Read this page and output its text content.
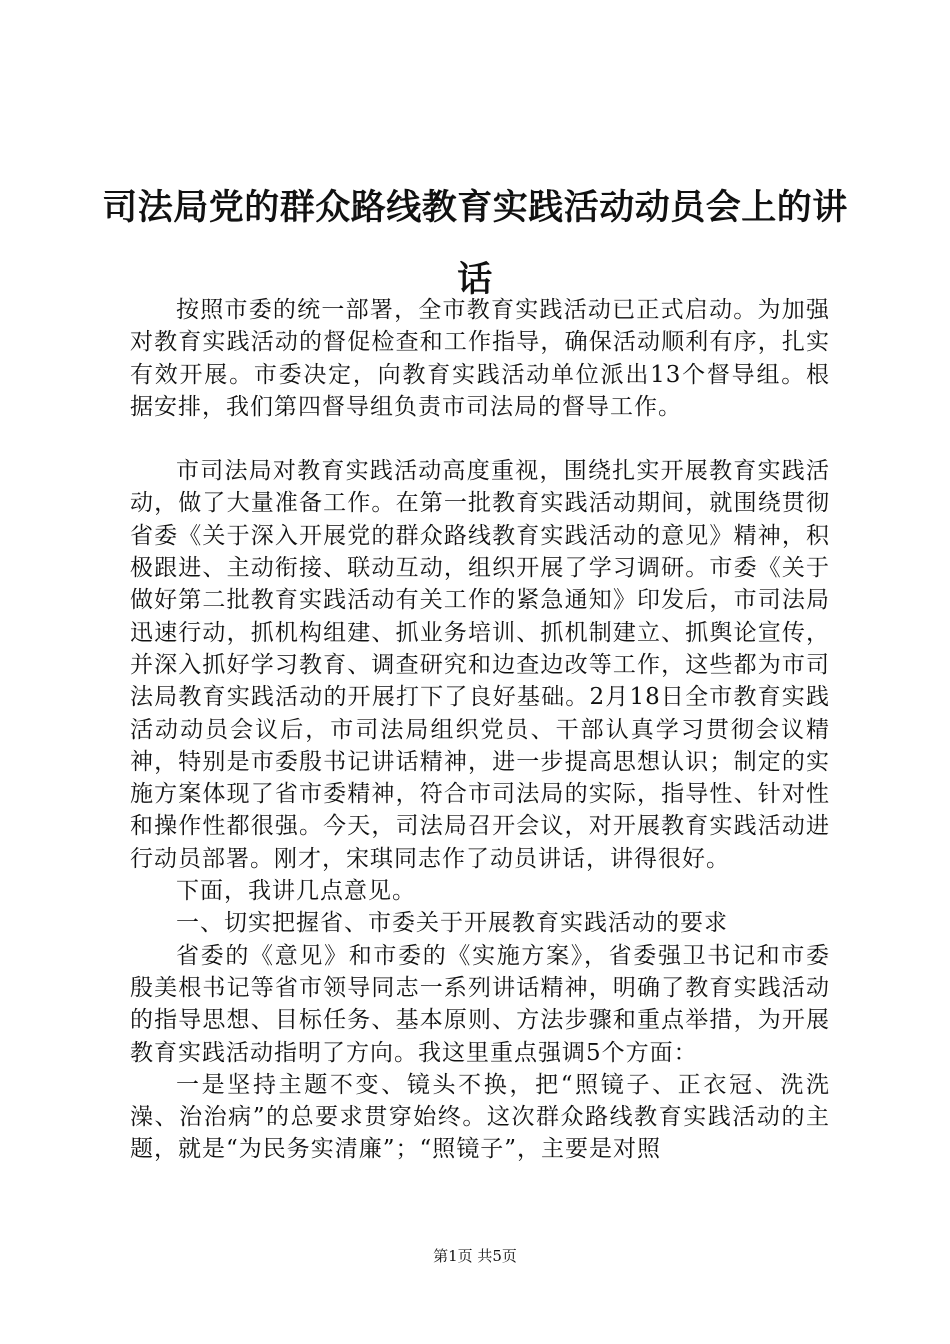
司法局党的群众路线教育实践活动动员会上的讲话

按照市委的统一部署，全市教育实践活动已正式启动。为加强对教育实践活动的督促检查和工作指导，确保活动顺利有序，扎实有效开展。市委决定，向教育实践活动单位派出13个督导组。根据安排，我们第四督导组负责市司法局的督导工作。

市司法局对教育实践活动高度重视，围绕扎实开展教育实践活动，做了大量准备工作。在第一批教育实践活动期间，就围绕贯彻省委《关于深入开展党的群众路线教育实践活动的意见》精神，积极跟进、主动衔接、联动互动，组织开展了学习调研。市委《关于做好第二批教育实践活动有关工作的紧急通知》印发后，市司法局迅速行动，抓机构组建、抓业务培训、抓机制建立、抓舆论宣传，并深入抓好学习教育、调查研究和边查边改等工作，这些都为市司法局教育实践活动的开展打下了良好基础。2月18日全市教育实践活动动员会议后，市司法局组织党员、干部认真学习贯彻会议精神，特别是市委殷书记讲话精神，进一步提高思想认识；制定的实施方案体现了省市委精神，符合市司法局的实际，指导性、针对性和操作性都很强。今天，司法局召开会议，对开展教育实践活动进行动员部署。刚才，宋琪同志作了动员讲话，讲得很好。

下面，我讲几点意见。

一、切实把握省、市委关于开展教育实践活动的要求

省委的《意见》和市委的《实施方案》，省委强卫书记和市委殷美根书记等省市领导同志一系列讲话精神，明确了教育实践活动的指导思想、目标任务、基本原则、方法步骤和重点举措，为开展教育实践活动指明了方向。我这里重点强调5个方面：

一是坚持主题不变、镜头不换，把“照镜子、正衣冠、洗洗澡、治治病”的总要求贯穿始终。这次群众路线教育实践活动的主题，就是“为民务实清廉”；“照镜子”，主要是对照

第1页 共5页
